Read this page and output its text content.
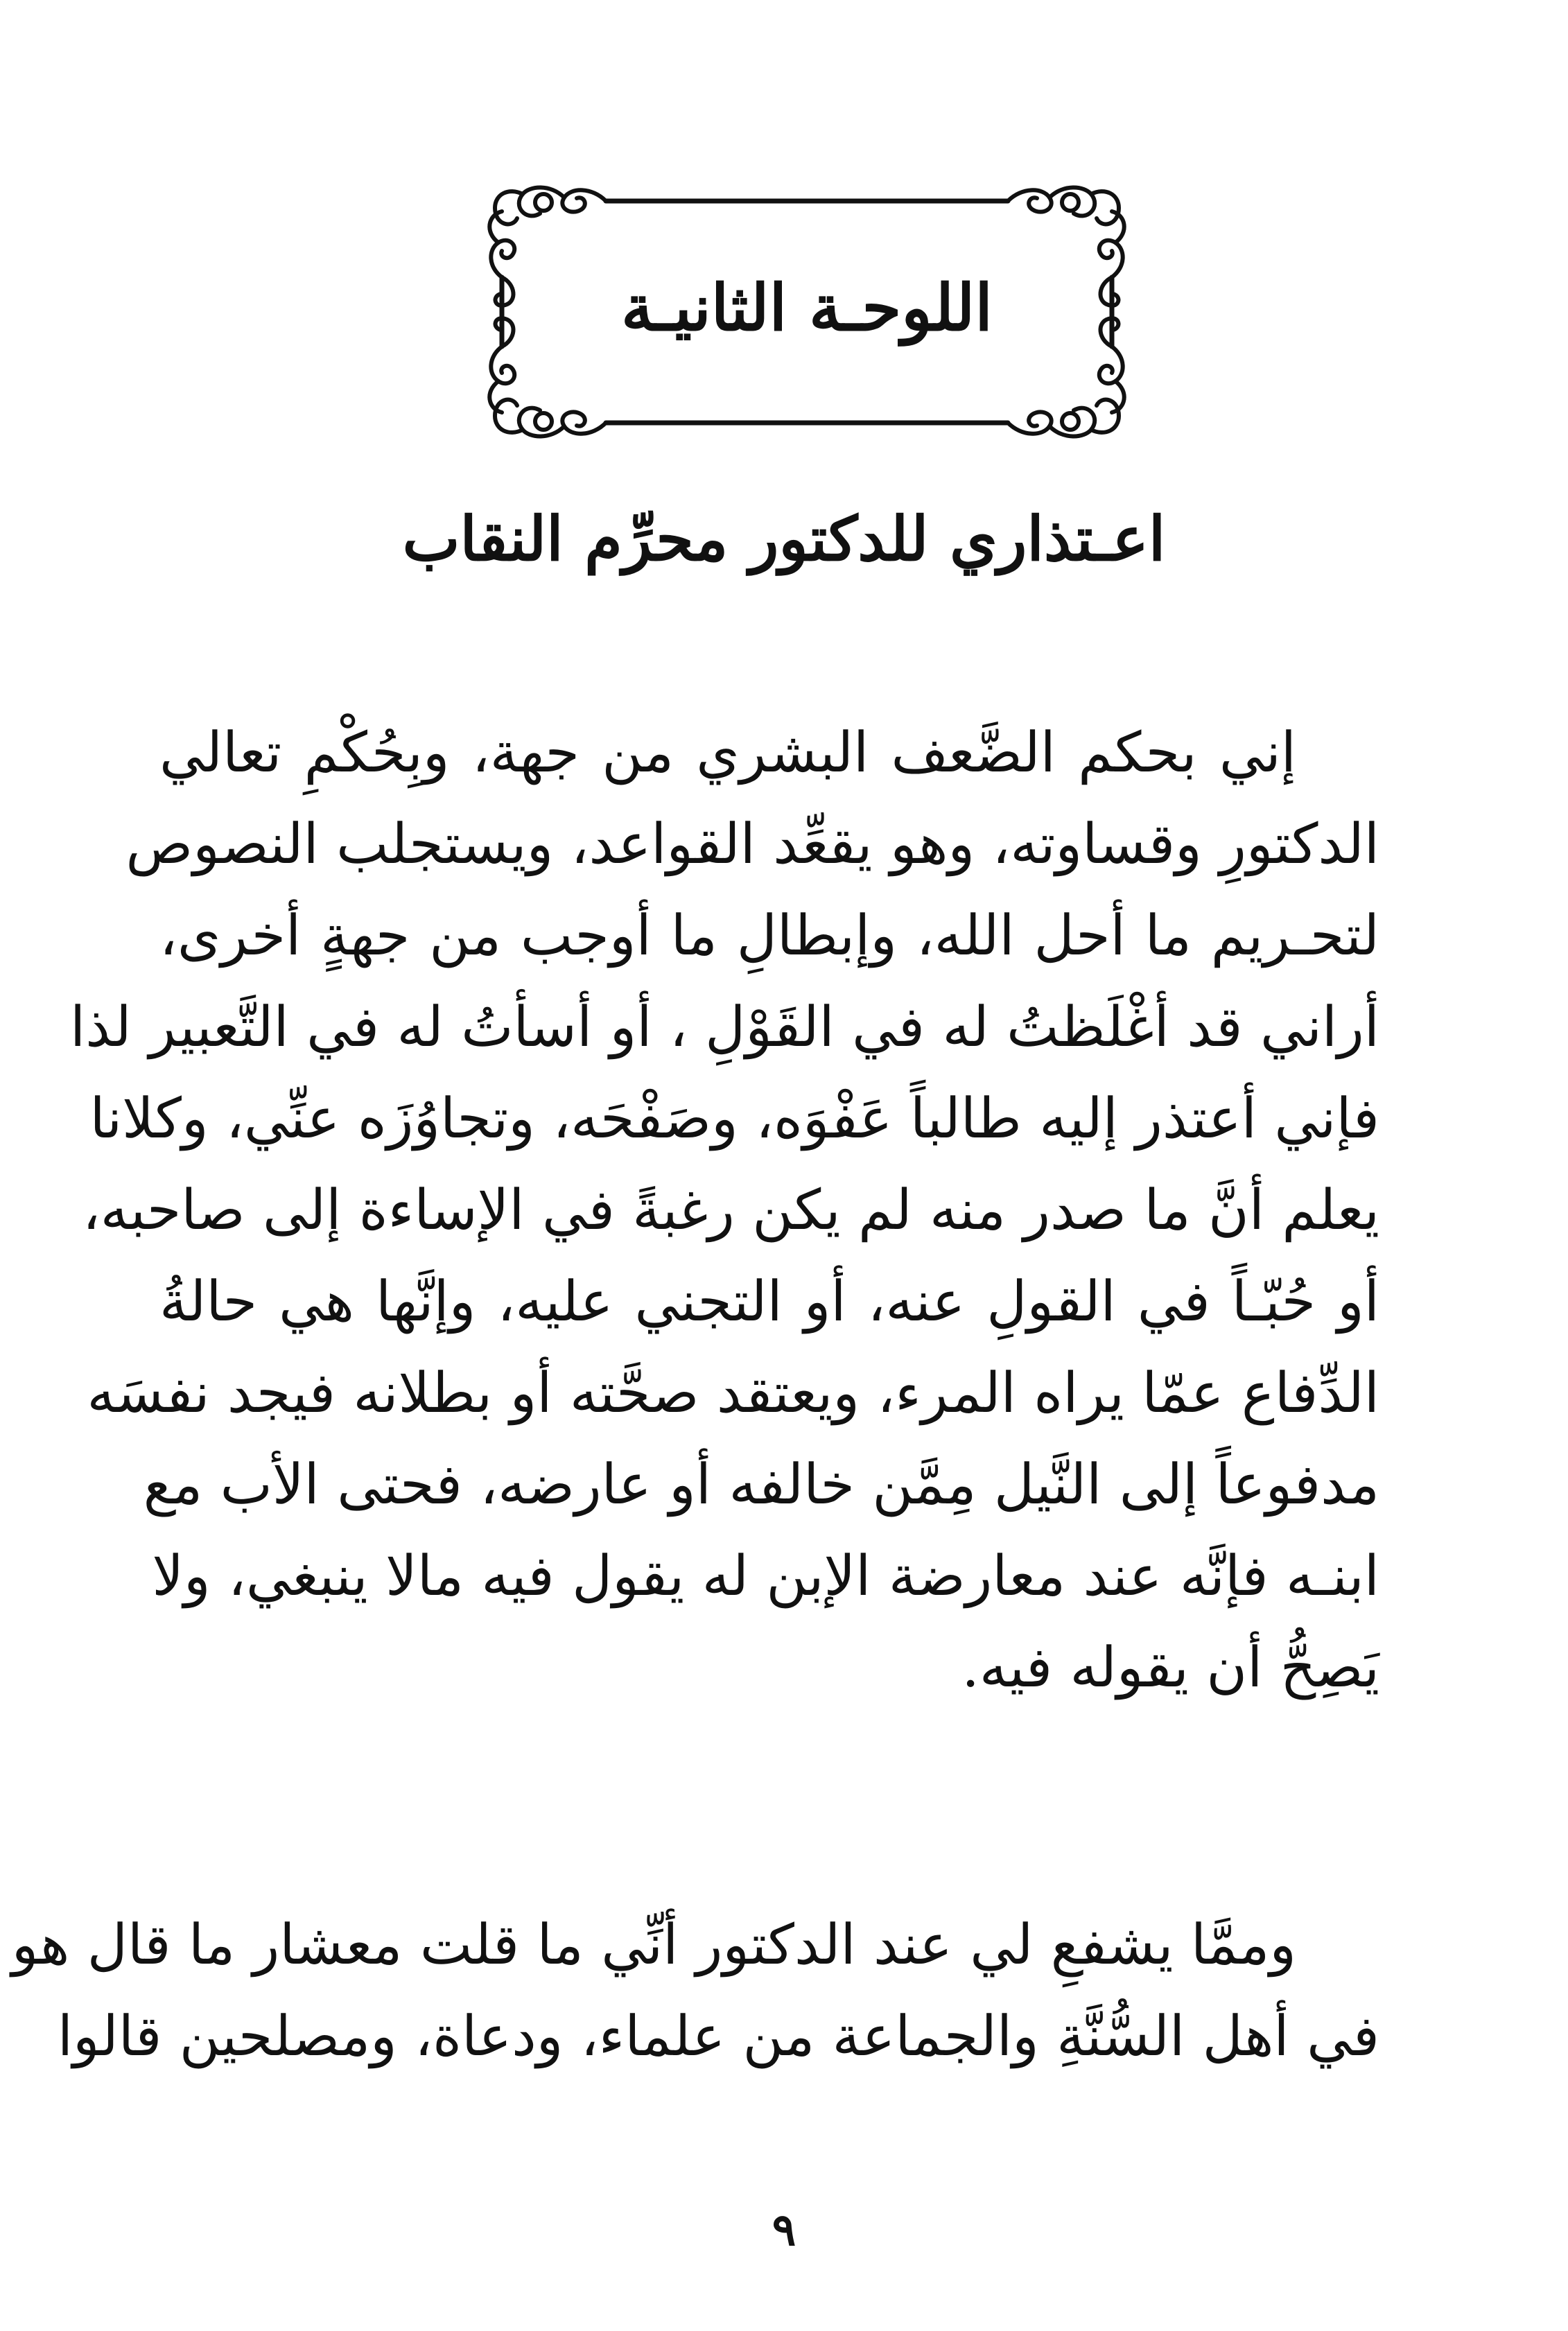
اللوحـة الثانيـة
اعـتذاري للدكتور محرِّم النقاب
إني بحكم الضَّعف البشري من جهة، وبِحُكْمِ تعالي
الدكتورِ وقساوته، وهو يقعِّد القواعد، ويستجلب النصوص
لتحـريم ما أحل الله، وإبطالِ ما أوجب من جهةٍ أخرى،
أراني قد أغْلَظتُ له في القَوْلِ ، أو أسأتُ له في التَّعبير لذا
فإني أعتذر إليه طالباً عَفْوَه، وصَفْحَه، وتجاوُزَه عنِّي، وكلانا
يعلم أنَّ ما صدر منه لم يكن رغبةً في الإساءة إلى صاحبه،
أو حُبّـاً في القولِ عنه، أو التجني عليه، وإنَّها هي حالةُ
الدِّفاع عمّا يراه المرء، ويعتقد صحَّته أو بطلانه فيجد نفسَه
مدفوعاً إلى النَّيل مِمَّن خالفه أو عارضه، فحتى الأب مع
ابنـه فإنَّه عند معارضة الإبن له يقول فيه مالا ينبغي، ولا
يَصِحُّ أن يقوله فيه.
وممَّا يشفعِ لي عند الدكتور أنِّي ما قلت معشار ما قال هو
في أهل السُّنَّةِ والجماعة من علماء، ودعاة، ومصلحين قالوا
٩
